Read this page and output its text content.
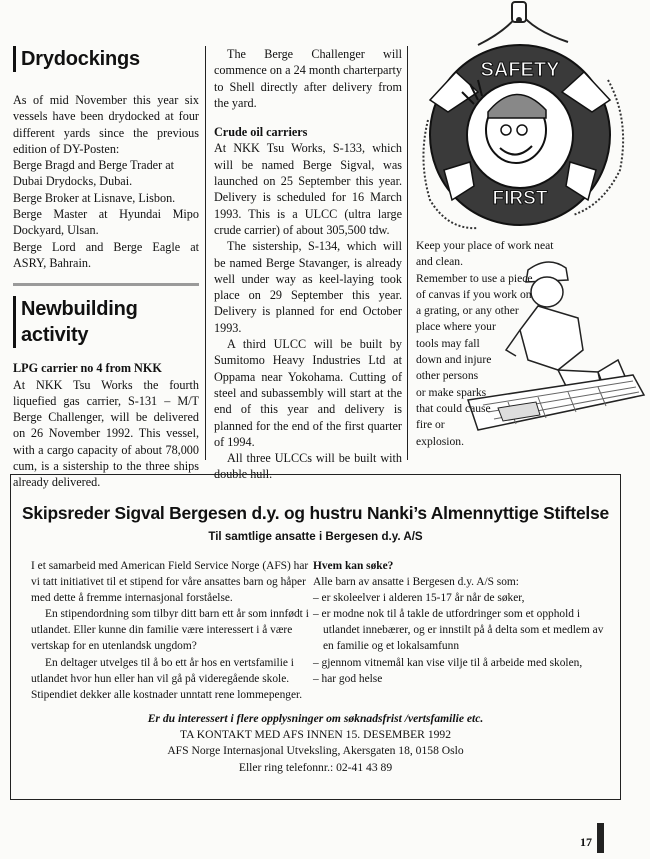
Drydockings

As of mid November this year six vessels have been drydocked at four different yards since the previous edition of DY-Posten:

Berge Bragd and Berge Trader at Dubai Drydocks, Dubai.

Berge Broker at Lisnave, Lisbon.

Berge Master at Hyundai Mipo Dockyard, Ulsan.

Berge Lord and Berge Eagle at ASRY, Bahrain.

Newbuilding activity

LPG carrier no 4 from NKK

At NKK Tsu Works the fourth liquefied gas carrier, S-131 – M/T Berge Challenger, will be delivered on 26 November 1992. This vessel, with a cargo capacity of about 78,000 cum, is a sistership to the three ships already delivered.

The Berge Challenger will commence on a 24 month charterparty to Shell directly after delivery from the yard.

Crude oil carriers

At NKK Tsu Works, S-133, which will be named Berge Sigval, was launched on 25 September this year. Delivery is scheduled for 16 March 1993. This is a ULCC (ultra large crude carrier) of about 305,500 tdw.

The sistership, S-134, which will be named Berge Stavanger, is already well under way as keel-laying took place on 29 September this year. Delivery is planned for end October 1993.

A third ULCC will be built by Sumitomo Heavy Industries Ltd at Oppama near Yokohama. Cutting of steel and subassembly will start at the end of this year and delivery is planned for the end of the first quarter of 1994.

All three ULCCs will be built with double hull.

SAFETY
FIRST
Keep your place of work neat
and clean.
Remember to use a piece
of canvas if you work on
a grating, or any other
place where your
tools may fall
down and injure
other persons
or make sparks
that could cause
fire or
explosion.
Skipsreder Sigval Bergesen d.y. og hustru Nanki’s Almennyttige Stiftelse
Til samtlige ansatte i Bergesen d.y. A/S

I et samarbeid med American Field Service Norge (AFS) har vi tatt initiativet til et stipend for våre ansattes barn og håper med dette å fremme internasjonal forståelse.

En stipendordning som tilbyr ditt barn ett år som innfødt i utlandet. Eller kunne din familie være interessert i å være vertskap for en utenlandsk ungdom?

En deltager utvelges til å bo ett år hos en vertsfamilie i utlandet hvor hun eller han vil gå på videregående skole. Stipendiet dekker alle kostnader unntatt rene lommepenger.

Hvem kan søke?
Alle barn av ansatte i Bergesen d.y. A/S som:
– er skoleelver i alderen 15-17 år når de søker,
– er modne nok til å takle de utfordringer som et opphold i utlandet innebærer, og er innstilt på å delta som et medlem av en familie og et lokalsamfunn
– gjennom vitnemål kan vise vilje til å arbeide med skolen,
– har god helse
Er du interessert i flere opplysninger om søknadsfrist /vertsfamilie etc.
TA KONTAKT MED AFS INNEN 15. DESEMBER 1992
AFS Norge Internasjonal Utveksling, Akersgaten 18, 0158 Oslo
Eller ring telefonnr.: 02-41 43 89
17
